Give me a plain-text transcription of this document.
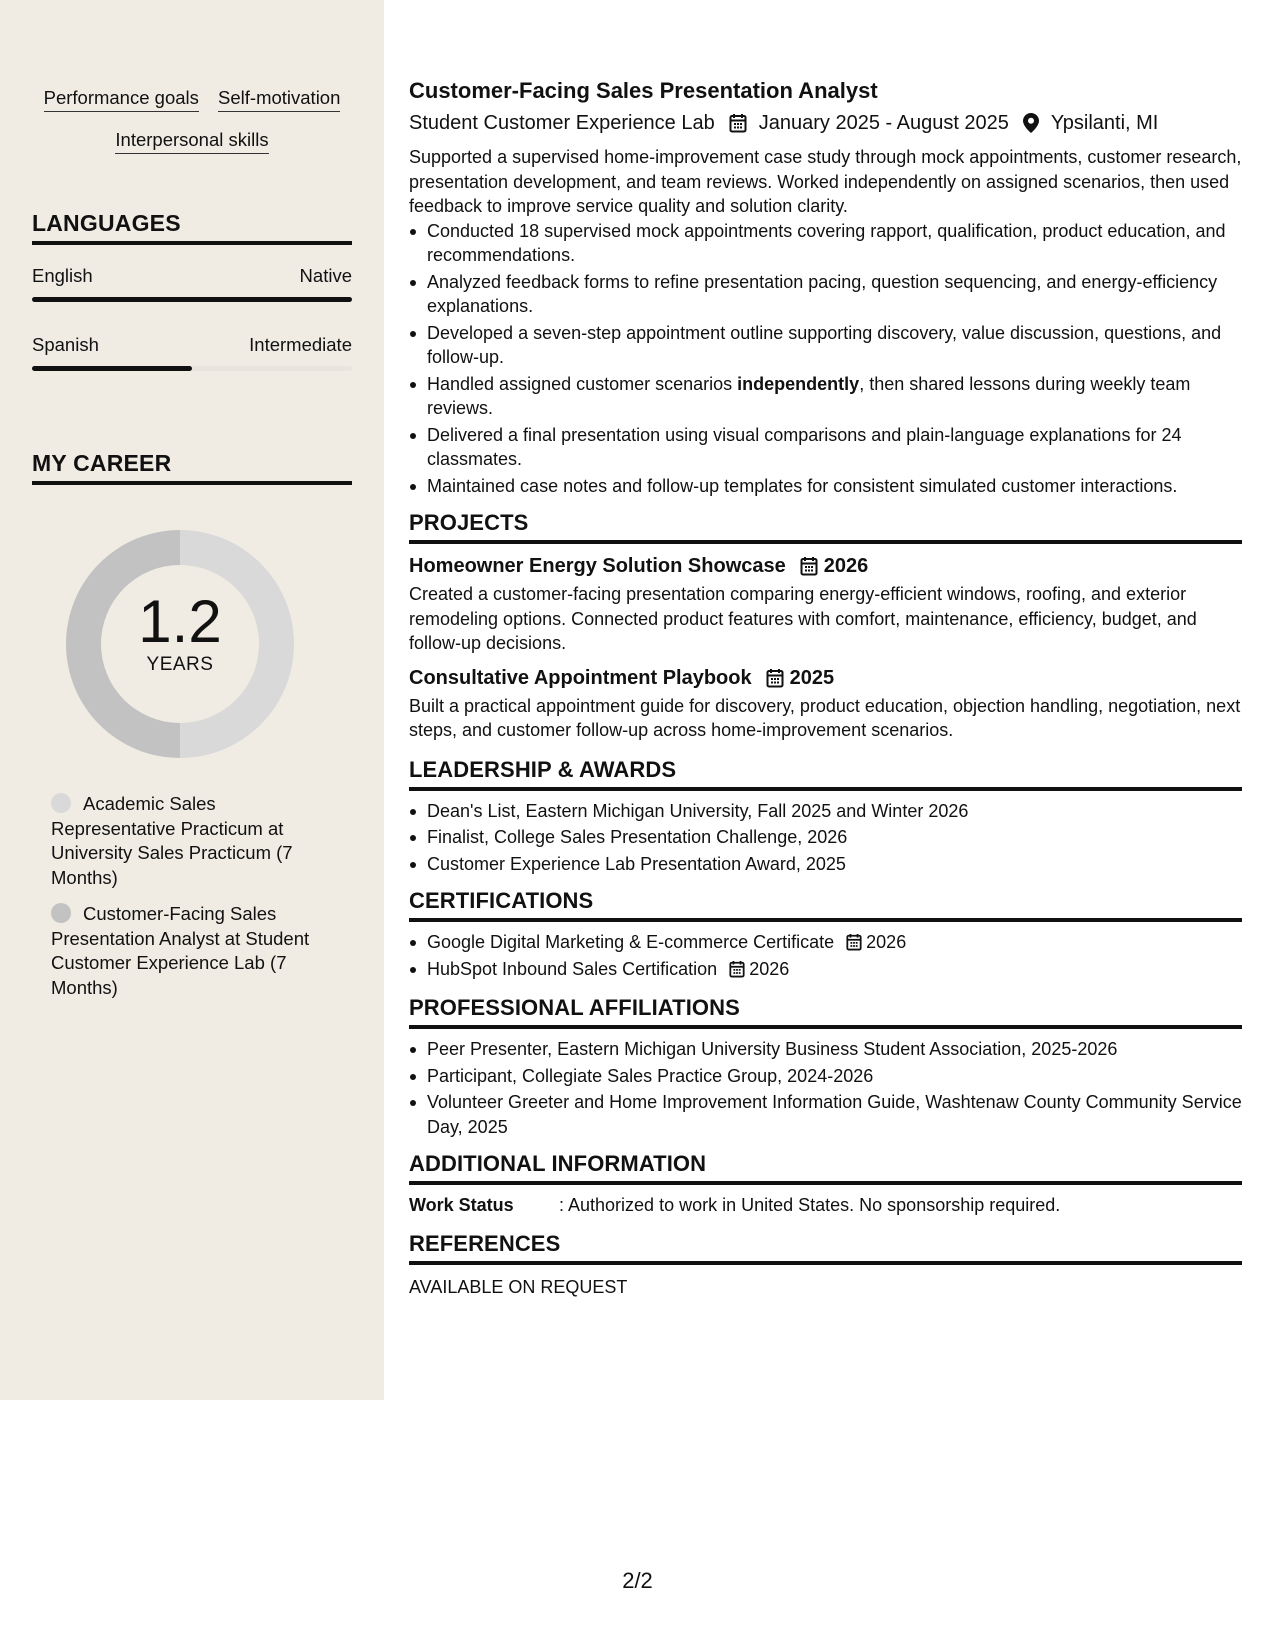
Performance goals Self-motivation
Interpersonal skills
LANGUAGES
English	Native
Spanish	Intermediate
MY CAREER
1.2
YEARS
Academic Sales Representative Practicum at University Sales Practicum (7 Months)
Customer-Facing Sales Presentation Analyst at Student Customer Experience Lab (7 Months)
Customer-Facing Sales Presentation Analyst
Student Customer Experience Lab January 2025 - August 2025 Ypsilanti, MI
Supported a supervised home-improvement case study through mock appointments, customer research, presentation development, and team reviews. Worked independently on assigned scenarios, then used feedback to improve service quality and solution clarity.
Conducted 18 supervised mock appointments covering rapport, qualification, product education, and recommendations.
Analyzed feedback forms to refine presentation pacing, question sequencing, and energy-efficiency explanations.
Developed a seven-step appointment outline supporting discovery, value discussion, questions, and follow-up.
Handled assigned customer scenarios independently, then shared lessons during weekly team reviews.
Delivered a final presentation using visual comparisons and plain-language explanations for 24 classmates.
Maintained case notes and follow-up templates for consistent simulated customer interactions.
PROJECTS
Homeowner Energy Solution Showcase 2026
Created a customer-facing presentation comparing energy-efficient windows, roofing, and exterior remodeling options. Connected product features with comfort, maintenance, efficiency, budget, and follow-up decisions.
Consultative Appointment Playbook 2025
Built a practical appointment guide for discovery, product education, objection handling, negotiation, next steps, and customer follow-up across home-improvement scenarios.
LEADERSHIP & AWARDS
Dean's List, Eastern Michigan University, Fall 2025 and Winter 2026
Finalist, College Sales Presentation Challenge, 2026
Customer Experience Lab Presentation Award, 2025
CERTIFICATIONS
Google Digital Marketing & E-commerce Certificate 2026
HubSpot Inbound Sales Certification 2026
PROFESSIONAL AFFILIATIONS
Peer Presenter, Eastern Michigan University Business Student Association, 2025-2026
Participant, Collegiate Sales Practice Group, 2024-2026
Volunteer Greeter and Home Improvement Information Guide, Washtenaw County Community Service Day, 2025
ADDITIONAL INFORMATION
Work Status	: Authorized to work in United States. No sponsorship required.
REFERENCES
AVAILABLE ON REQUEST
2/2
